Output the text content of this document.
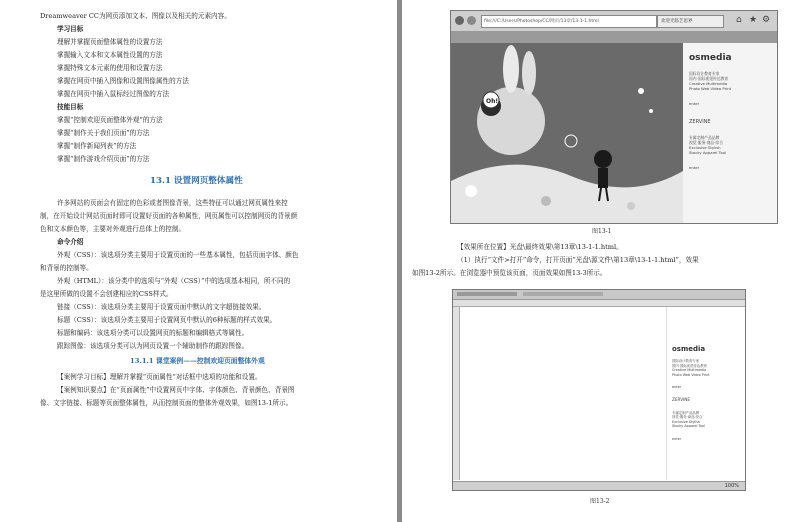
Dreamweaver CC为网页添加文本、图像以及相关的元素内容。
学习目标
理解并掌握页面整体属性的设置方法
掌握输入文本和文本属性设置的方法
掌握特殊文本元素的使用和设置方法
掌握在网页中插入图像和设置图像属性的方法
掌握在网页中插入鼠标经过图像的方法
技能目标
掌握“控制欢迎页面整体外观”的方法
掌握“制作关于我们页面”的方法
掌握“制作新闻列表”的方法
掌握“制作游戏介绍页面”的方法
13.1 设置网页整体属性
许多网站的页面会有固定的色彩或者图像背景，这些特征可以通过网页属性来控
制，在开始设计网站页面时即可设置好页面的各种属性，网页属性可以控制网页的背景颜
色和文本颜色等，主要对外观进行总体上的控制。
命令介绍
外观（CSS）：该选项分类主要用于设置页面的一些基本属性，包括页面字体、颜色
和背景的控制等。
外观（HTML）：该分类中的选项与“外观（CSS）”中的选项基本相同，所不同的
是这里所做的设置不会创建相应的CSS样式。
链接（CSS）：该选项分类主要用于设置页面中默认的文字超链接效果。
标题（CSS）：该选项分类主要用于设置网页中默认的6种标题的样式效果。
标题和编码：该选项分类可以设置网页的标题和编辑格式等属性。
跟踪图像：该选项分类可以为网页设置一个辅助制作的跟踪图像。
13.1.1 课堂案例——控制欢迎页面整体外观
【案例学习目标】理解并掌握“页面属性”对话框中选项的功能和设置。
【案例知识要点】在“页面属性”中设置网页中字体、字体颜色、背景颜色、背景图
像、文字链接、标题等页面整体属性，从而控制页面的整体外观效果，如图13-1所示。
file:///C:/Users/Photoshop/CC/网页/13章/13-1-1.html	欢迎光临艺思界	⌂ ★ ⚙
Oh!
osmedia
国际设计教育专家
国内·国际视觉传达教育
Creative Multimedia
Photo Web Video Print
enter
ZERVINE
专属定制产品品牌
视觉·服务·商品·综合
Exclusive Stylish
Stocky Apparel Tool
enter
图13-1
【效果所在位置】光盘\最终效果\第13章\13-1-1.html。
（1）执行“文件>打开”命令，打开页面“光盘\源文件\第13章\13-1-1.html”，效果
如图13-2所示。在浏览器中预览该页面，页面效果如图13-3所示。
osmedia
国际设计教育专家
国内·国际视觉传达教育
Creative Multimedia
Photo Web Video Print
enter
ZERVINE
专属定制产品品牌
视觉·服务·商品·综合
Exclusive Stylish
Stocky Apparel Tool
enter
100%
图13-2
